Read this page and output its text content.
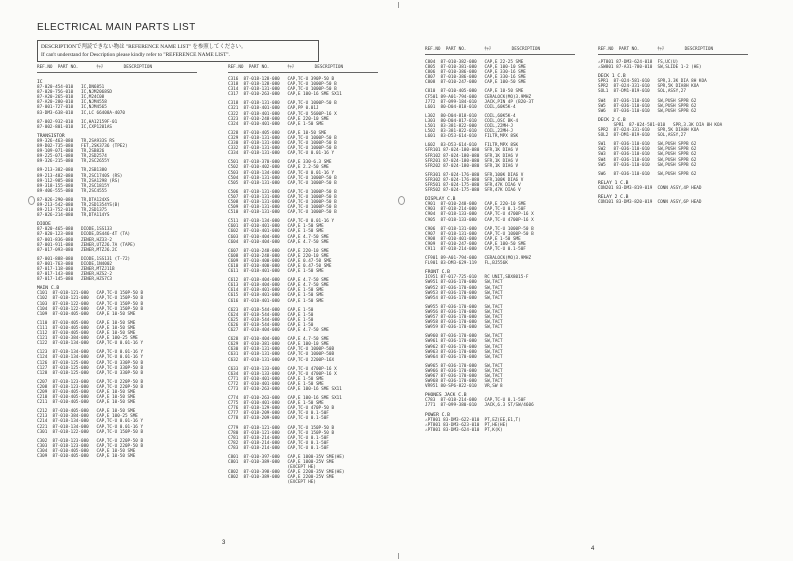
ELECTRICAL MAIN PARTS LIST
DESCRIPTIONで判読できない物は "REFERENCE NAME LIST" を参照してください。
If can't understand for Description please kindly refer to "REFERENCE NAME LIST".
REF.NO  PART NO.       ｷｬﾗ        DESCRIPTION	REF.NO  PART NO.       ｷｬﾗ        DESCRIPTION
REF.NO  PART NO.       ｷｬﾗ        DESCRIPTION	REF.NO  PART NO.       ｷｬﾗ        DESCRIPTION
IC
87-020-454-010   IC,DN6851
87-020-756-010   IC,NJM2068SD
87-A20-265-010   IC,M24C08
87-A20-280-010   IC,NJM4558
87-001-727-010   IC,NJM4565
83-DM3-638-010   IC,LC 66408A-4070
87-002-932-010   IC,HA12159F-01
87-002-801-010   IC,CXP1201AS
TRANSISTOR
89-326-463-080   TR,2SA933S RS
89-D02-735-080   FET,2SK3736 (TPE2)
89-109-071-080   TR,2SB826
89-225-071-080   TR,2SD2574
89-326-215-080   TR,2SC2655Y
89-213-382-080   TR,2SB1380
89-213-482-080   TR,2SC1740S (RS)
89-112-985-080   TR,2SA1298 (RS)
89-318-155-080   TR,2SC1815Y
89-406-555-080   TR,2SC4555
87-026-290-080   TR,DTA124XS
89-213-542-080   TR,2SD1354YS(B)
89-213-752-010   TR,2SD1375
87-026-214-080   TR,DTA114YS
DIODE
87-020-465-080   DIODE,1SS133
87-020-123-080   DIODE,DS446-4T (TA)
87-001-836-080   ZENER,HZ33-2
87-001-911-080   ZENER,UTZJ6.7A (TAPE)
87-017-093-080   ZENER,MTZJ6.2C
87-001-888-080   DIODE,1SS131 (T-72)
87-001-763-080   DIODE,1N4002
87-017-118-080   ZENER,MTZJ11B
87-017-143-080   ZENER,HZS2-2
87-017-145-080   ZENER,HZS7C3
MAIN C.B
C101  87-018-121-080   CAP,TC-U 150P-50 B
C102  87-018-121-080   CAP,TC-U 150P-50 B
C103  87-018-122-080   CAP,TC-U 150P-50 B
C104  87-018-122-080   CAP,TC-U 150P-50 B
C109  87-010-405-080   CAP,E 10-50 SME
C110  87-010-405-080   CAP,E 10-50 SME
C111  87-010-405-080   CAP,E 10-50 SME
C112  87-010-405-080   CAP,E 10-50 SME
C121  87-010-384-080   CAP,E 100-25 SME
C122  87-018-134-080   CAP,TC-U 0.01-16 Y
C123  87-018-134-080   CAP,TC-U 0.01-16 Y
C124  87-018-134-080   CAP,TC-U 0.01-16 Y
C126  87-018-125-080   CAP,TC-U 330P-50 B
C127  87-018-125-080   CAP,TC-U 330P-50 B
C128  87-018-125-080   CAP,TC-U 330P-50 B
C207  87-018-123-080   CAP,TC-U 220P-50 B
C208  87-018-123-080   CAP,TC-U 220P-50 B
C209  87-010-405-080   CAP,E 10-50 SME
C210  87-010-405-080   CAP,E 10-50 SME
C211  87-010-405-080   CAP,E 10-50 SME
C212  87-010-405-080   CAP,E 10-50 SME
C213  87-010-384-080   CAP,E 100-25 SME
C214  87-018-134-080   CAP,TC-U 0.01-16 Y
C221  87-018-134-080   CAP,TC-U 0.01-16 Y
C301  87-018-122-080   CAP,TC-U 150P-50 B
C302  87-018-123-080   CAP,TC-U 220P-50 B
C303  87-018-123-080   CAP,TC-U 220P-50 B
C304  87-010-405-080   CAP,E 10-50 SME
C309  87-010-405-080   CAP,E 10-50 SME
C316  87-018-128-080   CAP,TC-U 390P-50 B
C318  87-018-128-080   CAP,TC-U 1000P-50 B
C314  87-018-131-080   CAP,TC-U 1000P-50 B
C317  87-010-263-080   CAP,E 100-16 SME SX11
C318  87-018-131-080   CAP,TC-U 1000P-50 B
C321  87-018-401-080   CAP,PP 0.01J
C322  87-018-401-080   CAP,TC-U 5600P-16 X
C323  87-010-248-080   CAP,E 220-10 SME
C324  87-010-401-080   CAP,E 1-50 SME
C328  87-010-405-080   CAP,E 10-50 SME
C329  87-018-131-080   CAP,TC-U 1000P-50 B
C330  87-018-131-080   CAP,TC-U 1000P-50 B
C332  87-018-131-080   CAP,TC-U 1000P-50 B
C334  87-018-131-080   CAP,TC-U 0.01-16 Y
C501  87-018-370-080   CAP,E 330-6.3 SME
C502  87-010-402-080   CAP,E 2.2-50 SME
C503  87-018-134-080   CAP,TC-U 0.01-16 Y
C504  87-018-131-080   CAP,TC-U 1000P-50 B
C505  87-018-131-080   CAP,TC-U 1000P-50 B
C506  87-018-131-080   CAP,TC-U 1000P-50 B
C507  87-018-131-080   CAP,TC-U 1000P-50 B
C508  87-018-131-080   CAP,TC-U 1000P-50 B
C509  87-018-131-080   CAP,TC-U 1000P-50 B
C510  87-018-131-080   CAP,TC-U 1000P-50 B
C511  87-018-134-080   CAP,TC-U 0.01-16 Y
C601  87-010-401-080   CAP,E 1-50 SME
C602  87-010-401-080   CAP,E 1-50 SME
C603  87-010-404-080   CAP,E 4.7-50 SME
C604  87-010-404-080   CAP,E 4.7-50 SME
C607  87-010-248-080   CAP,E 220-10 SME
C608  87-010-248-080   CAP,E 220-10 SME
C609  87-010-400-080   CAP,E 0.47-50 SME
C610  87-010-400-080   CAP,E 0.47-50 SME
C611  87-018-401-080   CAP,E 1-50 SME
C612  87-018-404-080   CAP,E 4.7-50 SME
C613  87-018-404-080   CAP,E 4.7-50 SME
C614  87-018-401-080   CAP,E 1-50 SME
C615  87-018-401-080   CAP,E 1-50 SME
C616  87-018-401-080   CAP,E 1-50 SME
C623  87-018-544-080   CAP,E 1-50
C624  87-018-544-080   CAP,E 1-50
C625  87-018-544-080   CAP,E 1-50
C626  87-018-544-080   CAP,E 1-50
C627  87-018-404-080   CAP,E 4.7-50 SME
C628  87-010-404-080   CAP,E 4.7-50 SME
C629  87-010-381-080   CAP,E 100-10 SME
C630  87-018-131-080   CAP,TC-U 1000P-50B
C631  87-018-131-080   CAP,TC-U 1000P-50B
C632  87-018-131-080   CAP,TC-U 2200P-16X
C633  87-018-133-080   CAP,TC-U 4700P-16 X
C634  87-018-133-080   CAP,TC-U 4700P-16 X
C771  87-010-401-080   CAP,E 1-50 SME
C772  87-010-401-080   CAP,E 1-50 SME
C773  87-010-263-080   CAP,E 100-16 SME SX11
C774  87-010-263-080   CAP,E 100-16 SME SX11
C775  87-010-401-080   CAP,E 1-50 SME
C776  87-018-129-080   CAP,TC-U 470P-50 B
C777  87-018-209-080   CAP,TC-U 0.1-50F
C778  87-018-209-080   CAP,TC-U 0.1-50F
C779  87-018-121-080   CAP,TC-U 150P-50 B
C780  87-018-121-080   CAP,TC-U 150P-50 B
C781  87-018-214-080   CAP,TC-U 0.1-50F
C782  87-018-214-080   CAP,TC-U 0.1-50F
C783  87-018-214-080   CAP,TC-U 0.1-50F
C801  87-010-397-080   CAP,E 1000-35V SME(HE)
C801  87-010-389-080   CAP,E 1000-25V SME
(EXCEPT HE)
C802  87-010-398-080   CAP,E 2200-35V SME(HE)
C802  87-010-389-080   CAP,E 2200-25V SME
(EXCEPT HE)
C804  87-010-382-080   CAP,E 22-25 SME
C805  87-010-381-080   CAP,E 100-10 SME
C806  87-010-386-080   CAP,E 330-16 SME
C807  87-010-386-080   CAP,E 330-16 SME
C808  87-010-247-080   CAP,E 100-50 SME
C810  87-010-405-080   CAP,E 10-50 SME
CF501 89-A01-794-080   CERALOCK(MO)3.9MHZ
J772  87-099-184-010   JACK,PIN 4P (B20-3T
L601  80-D04-818-010   COIL,60K5K-4
L302  80-D04-818-010   COIL,60K5K-4
L303  80-D04-817-010   COIL,OSC BK-4
L501  83-381-822-000   COIL,22MH-J
L502  83-381-822-010   COIL,22MH-J
L601  83-D53-614-010   FILTR,MPX 8SK
L602  83-D53-614-010   FILTR,MPX 8SK
SFR101 87-024-180-080  SFR,1K DIA6 V
SFR102 87-024-180-080  SFR,1K DIA6 V
SFR201 87-024-180-080  SFR,1K DIA6 V
SFR202 87-024-180-080  SFR,1K DIA6 V
SFR301 87-024-176-080  SFR,100K DIA6 V
SFR302 87-024-176-080  SFR,100K DIA6 V
SFR501 87-024-175-080  SFR,47K DIA6 V
SFR502 87-024-175-080  SFR,47K DIA6 V
DISPLAY C.B
C901  87-010-248-080   CAP,E 220-10 SME
C903  87-018-214-080   CAP,TC-U 0.1-50F
C904  87-018-133-080   CAP,TC-U 4700P-16 X
C905  87-018-133-080   CAP,TC-U 4700P-16 X
C906  87-018-131-080   CAP,TC-U 1000P-50 B
C907  87-018-131-080   CAP,TC-U 1000P-50 B
C908  87-010-401-080   CAP,E 1-50 SME
C909  87-010-247-080   CAP,E 100-50 SME
C911  87-018-214-080   CAP,TC-U 0.1-50F
CF901 89-A01-794-080   CERALOCK(MO)3.9MHZ
FL901 83-DM3-629-119   FL,BJ556K
FRONT C.B
IC951 87-017-725-010   RC UNIT,SBX8015-F
SW951 87-036-170-080   SW,TACT
SW952 87-036-170-080   SW,TACT
SW953 87-036-170-080   SW,TACT
SW954 87-036-170-080   SW,TACT
SW955 87-036-170-080   SW,TACT
SW956 87-036-170-080   SW,TACT
SW957 87-036-170-080   SW,TACT
SW958 87-036-170-080   SW,TACT
SW959 87-036-170-080   SW,TACT
SW960 87-036-170-080   SW,TACT
SW961 87-036-170-080   SW,TACT
SW962 87-036-170-080   SW,TACT
SW963 87-036-170-080   SW,TACT
SW964 87-036-170-080   SW,TACT
SW965 87-036-170-080   SW,TACT
SW966 87-036-170-080   SW,TACT
SW967 87-036-170-080   SW,TACT
SW968 87-036-170-080   SW,TACT
VR951 80-SP6-822-010   VR,SW 8
PHONES JACK C.B
C783  87-018-214-080   CAP,TC-U 0.1-50F
J771  87-099-380-010   JACK,6.3 ST/SW/4606
POWER C.B
⚠PT801 83-DM3-622-010  PT,EZ(EE,E1,T)
⚠PT801 83-DM3-623-010  PT,HE(HE)
⚠PT801 83-DM3-624-010  PT,K(K)
⚠PT801 87-DM3-624-018  FS,UC(U)
⚠SW801 87-A31-780-010  SW,SLIDE 1-2 (HE)
DECK 1 C.B
SPR1  87-024-581-010   SPR,3.3K DIA 8H KOA
SPR2  87-024-331-010   SPR,5K DIA8H KOA
SOL1  87-DM1-819-010   SOL,ASSY,27
SW4   87-036-110-010   SW,PUSH SPPB 62
SW5   87-036-110-010   SW,PUSH SPPB 62
SW6   87-036-110-010   SW,PUSH SPPB 62
DECK 2 C.B
SPR1  87-024-581-010   SPR,3.3K DIA 8H KOA
SPR2  87-024-331-010   SPR,5K DIA8H KOA
SOL2  87-DM1-819-010   SOL,ASSY,27
SW1   87-036-110-010   SW,PUSH SPPB 62
SW2   87-036-110-010   SW,PUSH SPPB 62
SW3   87-036-110-010   SW,PUSH SPPB 62
SW4   87-036-110-010   SW,PUSH SPPB 62
SW5   87-036-110-010   SW,PUSH SPPB 62
SW6   87-036-110-010   SW,PUSH SPPB 62
RELAY 1 C.B
CON201 83-DM3-819-019  CONN ASSY,4P HEAD
RELAY 2 C.B
CON101 83-DM3-820-019  CONN ASSY,6P HEAD
3
4
